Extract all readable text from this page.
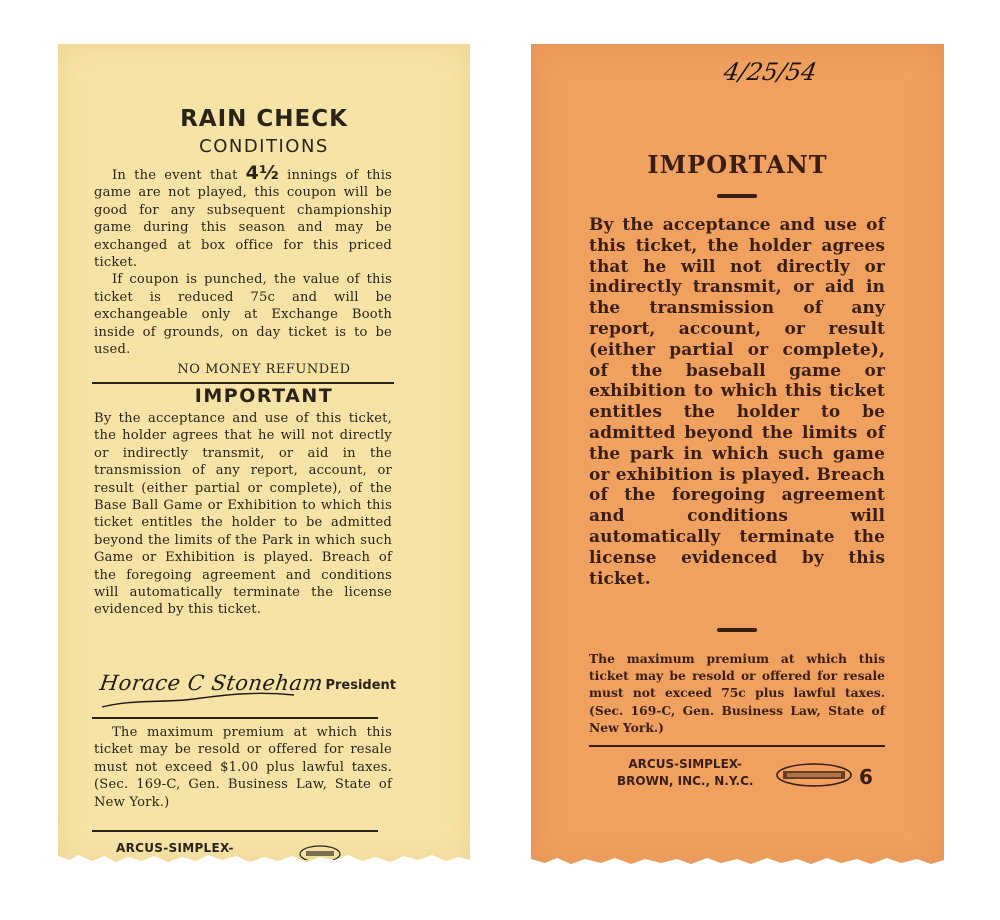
RAIN CHECK
CONDITIONS

In the event that 4½ innings of this game are not played, this coupon will be good for any subsequent championship game during this season and may be exchanged at box office for this priced ticket.

If coupon is punched, the value of this ticket is reduced 75c and will be exchangeable only at Exchange Booth inside of grounds, on day ticket is to be used.

NO MONEY REFUNDED
IMPORTANT
By the acceptance and use of this ticket, the holder agrees that he will not directly or indirectly transmit, or aid in the transmission of any report, account, or result (either partial or complete), of the Base Ball Game or Exhibition to which this ticket entitles the holder to be admitted beyond the limits of the Park in which such Game or Exhibition is played. Breach of the foregoing agreement and conditions will automatically terminate the license evidenced by this ticket.
Horace C Stoneham President

The maximum premium at which this ticket may be resold or offered for resale must not exceed $1.00 plus lawful taxes. (Sec. 169-C, Gen. Business Law, State of New York.)

ARCUS-SIMPLEX-
4/25/54
IMPORTANT
By the acceptance and use of this ticket, the holder agrees that he will not directly or indirectly transmit, or aid in the transmission of any report, account, or result (either partial or complete), of the baseball game or exhibition to which this ticket entitles the holder to be admitted beyond the limits of the park in which such game or exhibition is played. Breach of the foregoing agreement and conditions will automatically terminate the license evidenced by this ticket.
The maximum premium at which this ticket may be resold or offered for resale must not exceed 75c plus lawful taxes. (Sec. 169-C, Gen. Business Law, State of New York.)
ARCUS-SIMPLEX-
BROWN, INC., N.Y.C.	6
